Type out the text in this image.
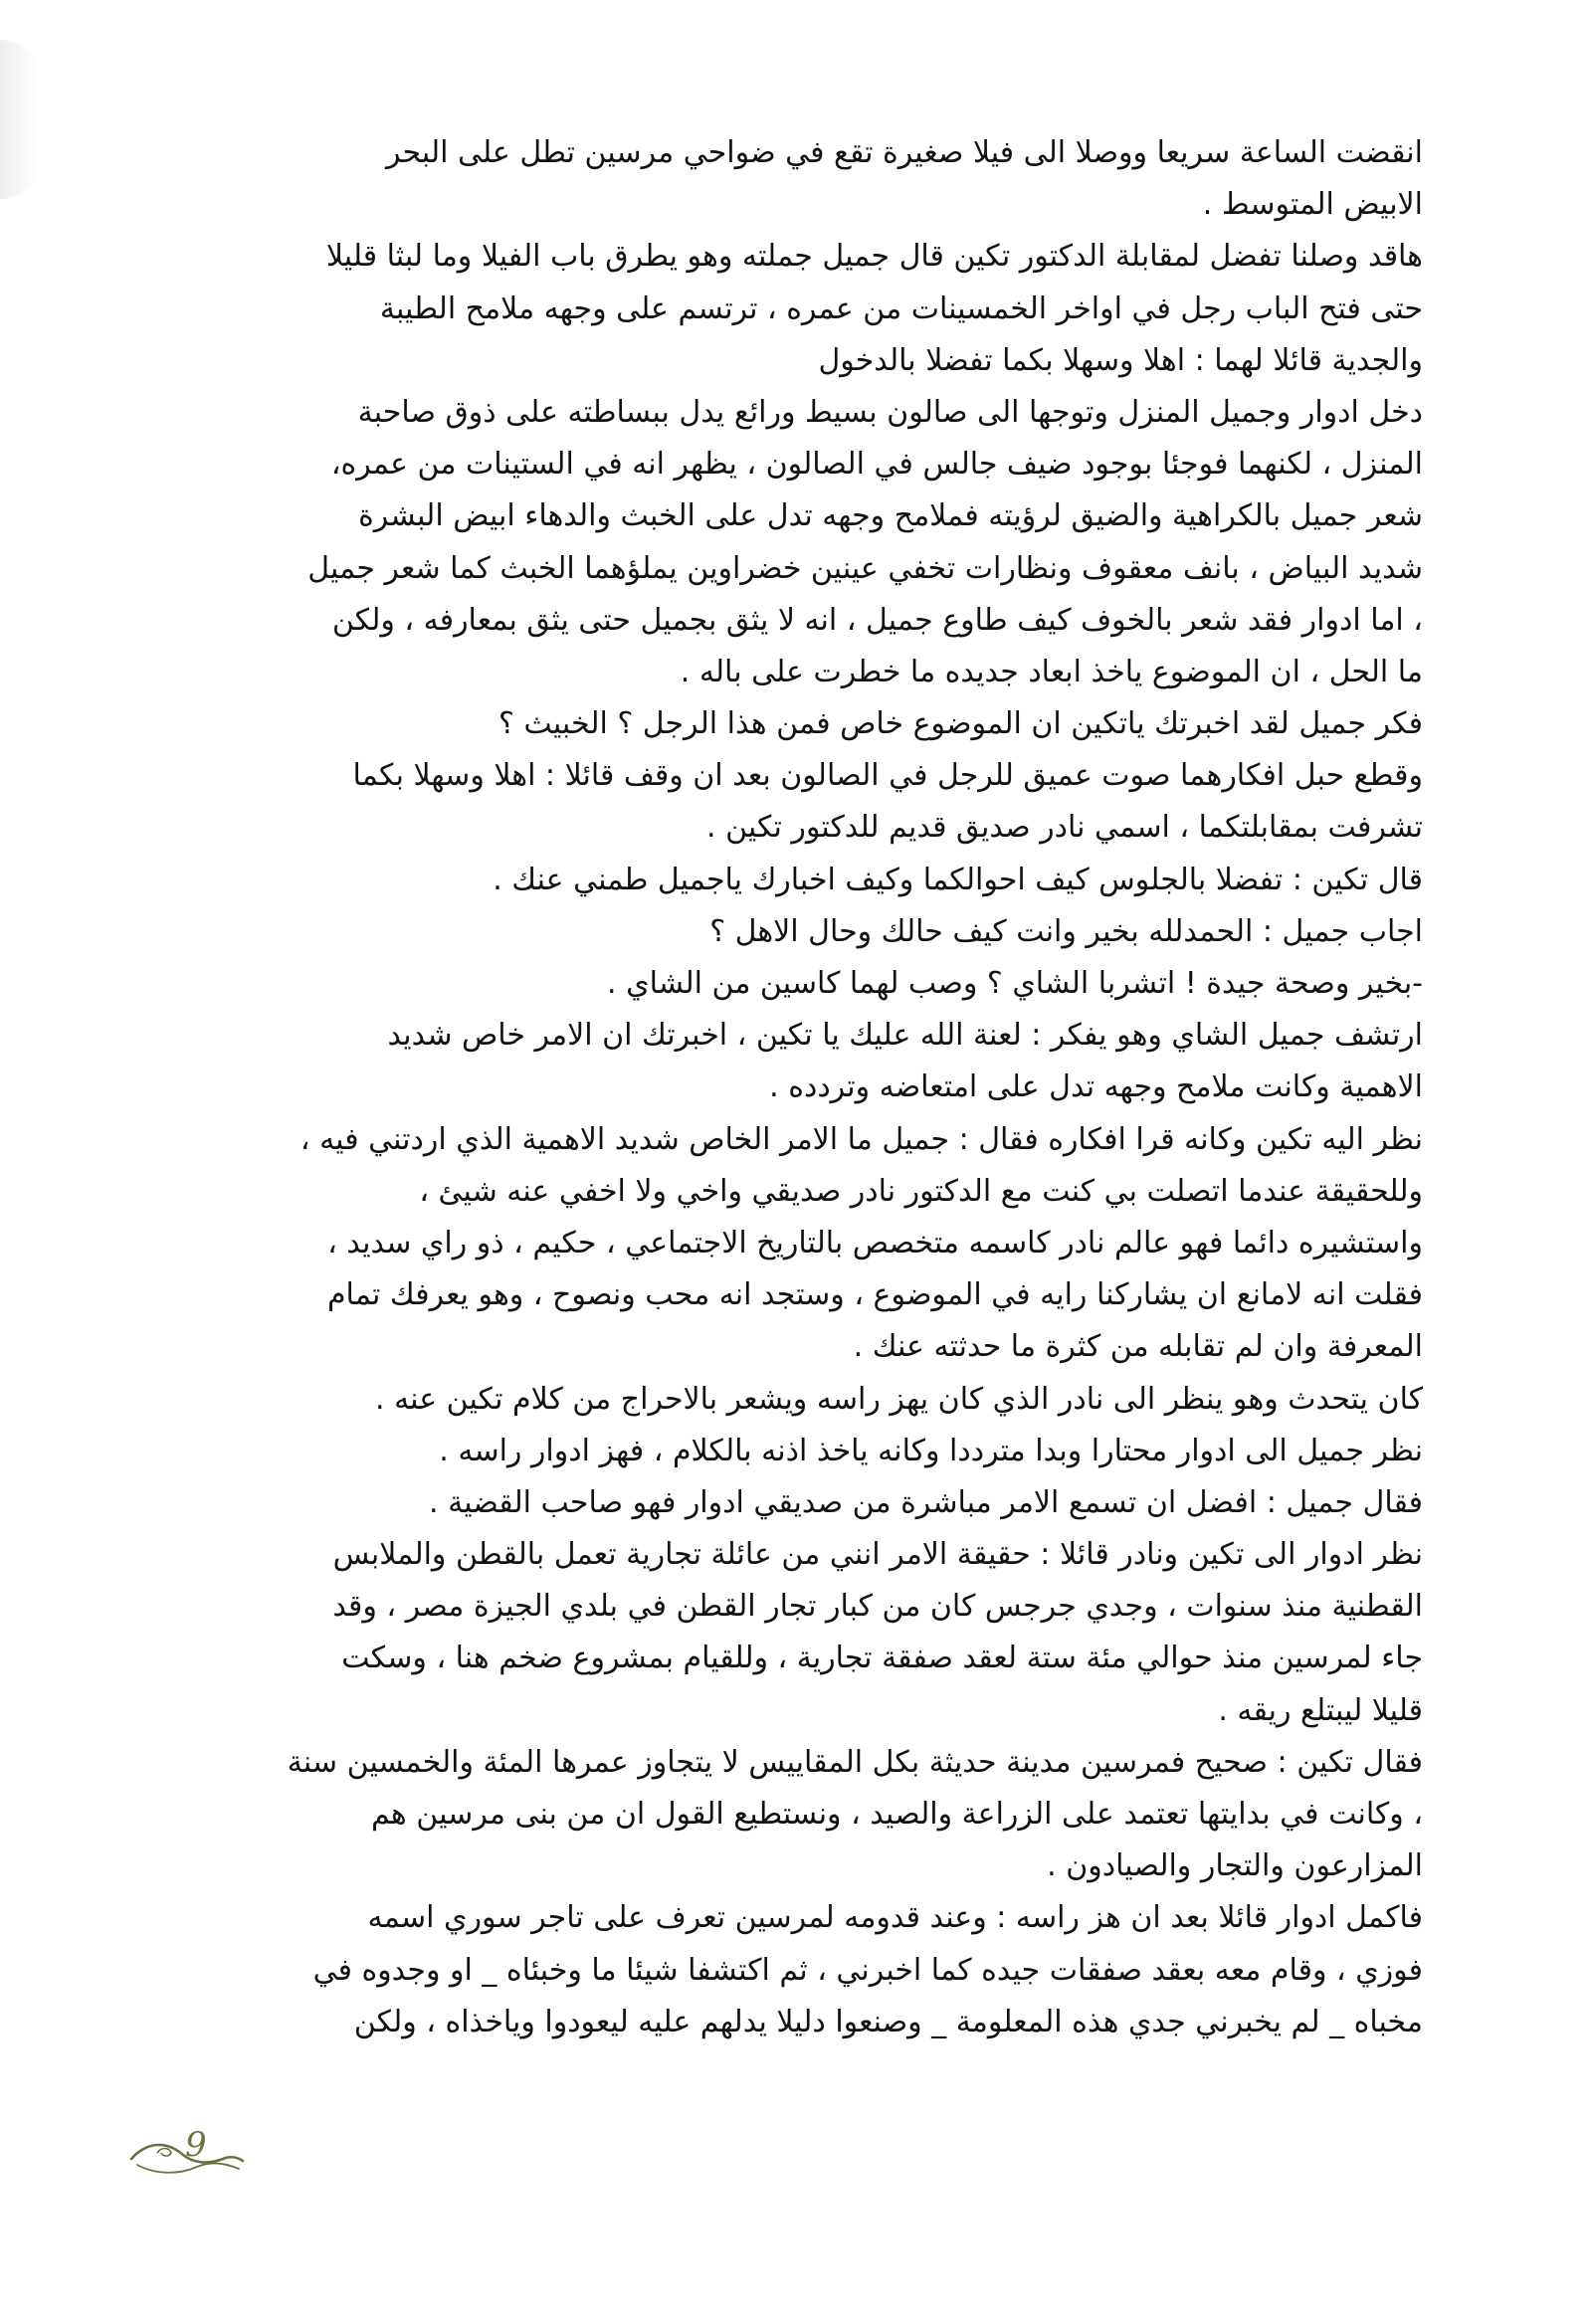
انقضت الساعة سريعا ووصلا الى فيلا صغيرة تقع في ضواحي مرسين تطل على البحر
الابيض المتوسط .
هاقد وصلنا تفضل لمقابلة الدكتور تكين قال جميل جملته وهو يطرق باب الفيلا وما لبثا قليلا
حتى فتح الباب رجل في اواخر الخمسينات من عمره ، ترتسم على وجهه ملامح الطيبة
والجدية قائلا لهما : اهلا وسهلا بكما تفضلا بالدخول
دخل ادوار وجميل المنزل وتوجها الى صالون بسيط ورائع يدل ببساطته على ذوق صاحبة
المنزل ، لكنهما فوجئا بوجود ضيف جالس في الصالون ، يظهر انه في الستينات من عمره،
شعر جميل بالكراهية والضيق لرؤيته فملامح وجهه تدل على الخبث والدهاء ابيض البشرة
شديد البياض ، بانف معقوف ونظارات تخفي عينين خضراوين يملؤهما الخبث كما شعر جميل
، اما ادوار فقد شعر بالخوف كيف طاوع جميل ، انه لا يثق بجميل حتى يثق بمعارفه ، ولكن
ما الحل ، ان الموضوع ياخذ ابعاد جديده ما خطرت على باله .
فكر جميل لقد اخبرتك ياتكين ان الموضوع خاص فمن هذا الرجل ؟ الخبيث ؟
وقطع حبل افكارهما صوت عميق للرجل في الصالون بعد ان وقف قائلا : اهلا وسهلا بكما
تشرفت بمقابلتكما ، اسمي نادر صديق قديم للدكتور تكين .
قال تكين : تفضلا بالجلوس كيف احوالكما وكيف اخبارك ياجميل طمني عنك .
اجاب جميل : الحمدلله بخير وانت كيف حالك وحال الاهل ؟
-بخير وصحة جيدة ! اتشربا الشاي ؟ وصب لهما كاسين من الشاي .
ارتشف جميل الشاي وهو يفكر : لعنة الله عليك يا تكين ، اخبرتك ان الامر خاص شديد
الاهمية وكانت ملامح وجهه تدل على امتعاضه وتردده .
نظر اليه تكين وكانه قرا افكاره فقال : جميل ما الامر الخاص شديد الاهمية الذي اردتني فيه ،
وللحقيقة عندما اتصلت بي كنت مع الدكتور نادر صديقي واخي ولا اخفي عنه شيئ ،
واستشيره دائما فهو عالم نادر كاسمه متخصص بالتاريخ الاجتماعي ، حكيم ، ذو راي سديد ،
فقلت انه لامانع ان يشاركنا رايه في الموضوع ، وستجد انه محب ونصوح ، وهو يعرفك تمام
المعرفة وان لم تقابله من كثرة ما حدثته عنك .
كان يتحدث وهو ينظر الى نادر الذي كان يهز راسه ويشعر بالاحراج من كلام تكين عنه .
نظر جميل الى ادوار محتارا وبدا مترددا وكانه ياخذ اذنه بالكلام ، فهز ادوار راسه .
فقال جميل : افضل ان تسمع الامر مباشرة من صديقي ادوار فهو صاحب القضية .
نظر ادوار الى تكين ونادر قائلا : حقيقة الامر انني من عائلة تجارية تعمل بالقطن والملابس
القطنية منذ سنوات ، وجدي جرجس كان من كبار تجار القطن في بلدي الجيزة مصر ، وقد
جاء لمرسين منذ حوالي مئة ستة لعقد صفقة تجارية ، وللقيام بمشروع ضخم هنا ، وسكت
قليلا ليبتلع ريقه .
فقال تكين : صحيح فمرسين مدينة حديثة بكل المقاييس لا يتجاوز عمرها المئة والخمسين سنة
، وكانت في بدايتها تعتمد على الزراعة والصيد ، ونستطيع القول ان من بنى مرسين هم
المزارعون والتجار والصيادون .
فاكمل ادوار قائلا بعد ان هز راسه : وعند قدومه لمرسين تعرف على تاجر سوري اسمه
فوزي ، وقام معه بعقد صفقات جيده كما اخبرني ، ثم اكتشفا شيئا ما وخبئاه _ او وجدوه في
مخباه _ لم يخبرني جدي هذه المعلومة _ وصنعوا دليلا يدلهم عليه ليعودوا وياخذاه ، ولكن
9
